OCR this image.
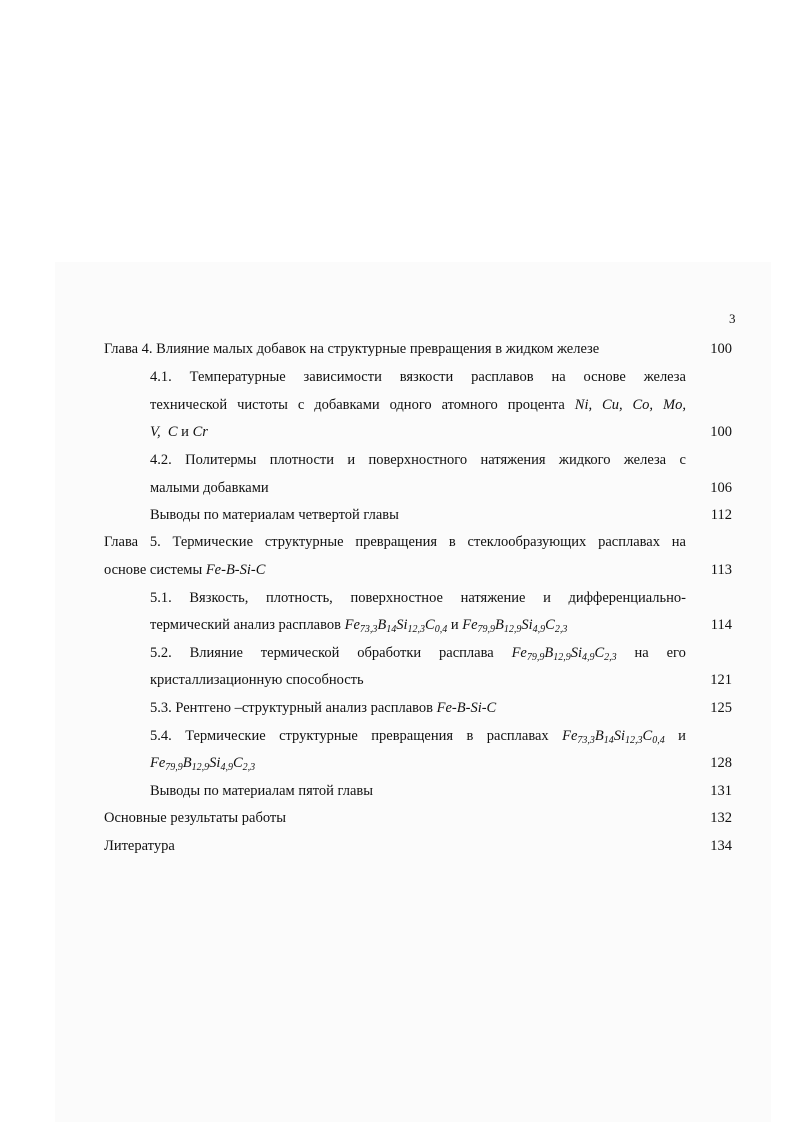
3
Глава 4. Влияние малых добавок на структурные превращения в жидком железе	100
4.1. Температурные зависимости вязкости расплавов на основе железа
технической чистоты с добавками одного атомного процента Ni, Cu, Co, Mo,
V, C и Cr	100
4.2. Политермы плотности и поверхностного натяжения жидкого железа с
малыми добавками	106
Выводы по материалам четвертой главы	112
Глава 5. Термические структурные превращения в стеклообразующих расплавах на
основе системы Fe-B-Si-C	113
5.1. Вязкость, плотность, поверхностное натяжение и дифференциально-
термический анализ расплавов $Fe_{73,3}B_{14}Si_{12,3}C_{0,4}$ и $Fe_{79,9}B_{12,9}Si_{4,9}C_{2,3}$	114
5.2. Влияние термической обработки расплава $Fe_{79,9}B_{12,9}Si_{4,9}C_{2,3}$ на его
кристаллизационную способность	121
5.3. Рентгено –структурный анализ расплавов Fe-B-Si-C	125
5.4. Термические структурные превращения в расплавах $Fe_{73,3}B_{14}Si_{12,3}C_{0,4}$ и
$Fe_{79,9}B_{12,9}Si_{4,9}C_{2,3}$	128
Выводы по материалам пятой главы	131
Основные результаты работы	132
Литература	134
